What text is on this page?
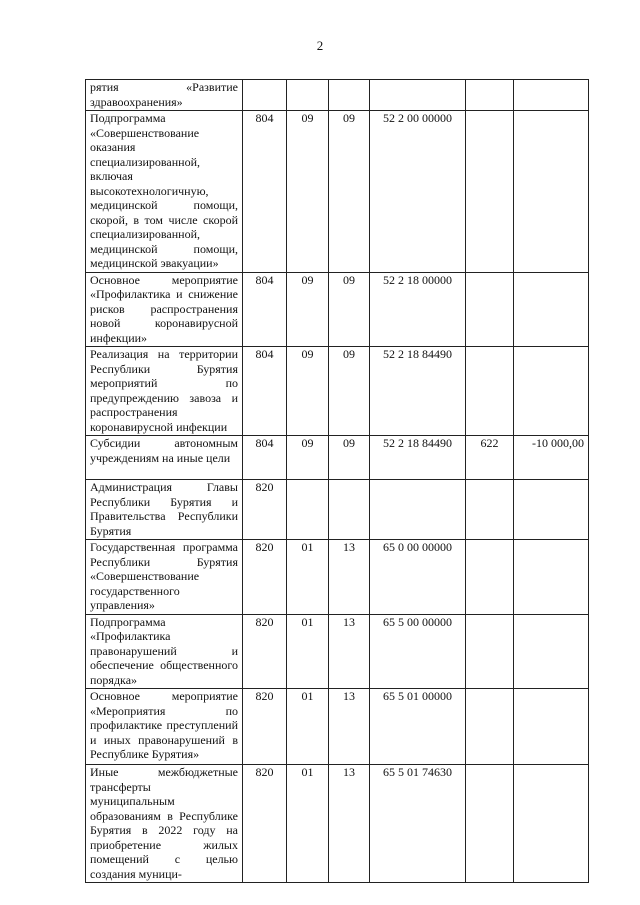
2
рятия «Развитие здравоохранения»						
Подпрограмма «Совершенствование оказания специализированной, включая высокотехнологичную, медицинской помощи, скорой, в том числе скорой специализированной, медицинской помощи, медицинской эвакуации»	804	09	09	52 2 00 00000		
Основное мероприятие «Профилактика и снижение рисков распространения новой коронавирусной инфекции»	804	09	09	52 2 18 00000		
Реализация на территории Республики Бурятия мероприятий по предупреждению завоза и распространения коронавирусной инфекции	804	09	09	52 2 18 84490		
Субсидии автономным учреждениям на иные цели	804	09	09	52 2 18 84490	622	-10 000,00
Администрация Главы Республики Бурятия и Правительства Республики Бурятия	820					
Государственная программа Республики Бурятия «Совершенствование государственного управления»	820	01	13	65 0 00 00000		
Подпрограмма «Профилактика правонарушений и обеспечение общественного порядка»	820	01	13	65 5 00 00000		
Основное мероприятие «Мероприятия по профилактике преступлений и иных правонарушений в Республике Бурятия»	820	01	13	65 5 01 00000		
Иные межбюджетные трансферты муниципальным образованиям в Республике Бурятия в 2022 году на приобретение жилых помещений с целью создания муници-	820	01	13	65 5 01 74630		
